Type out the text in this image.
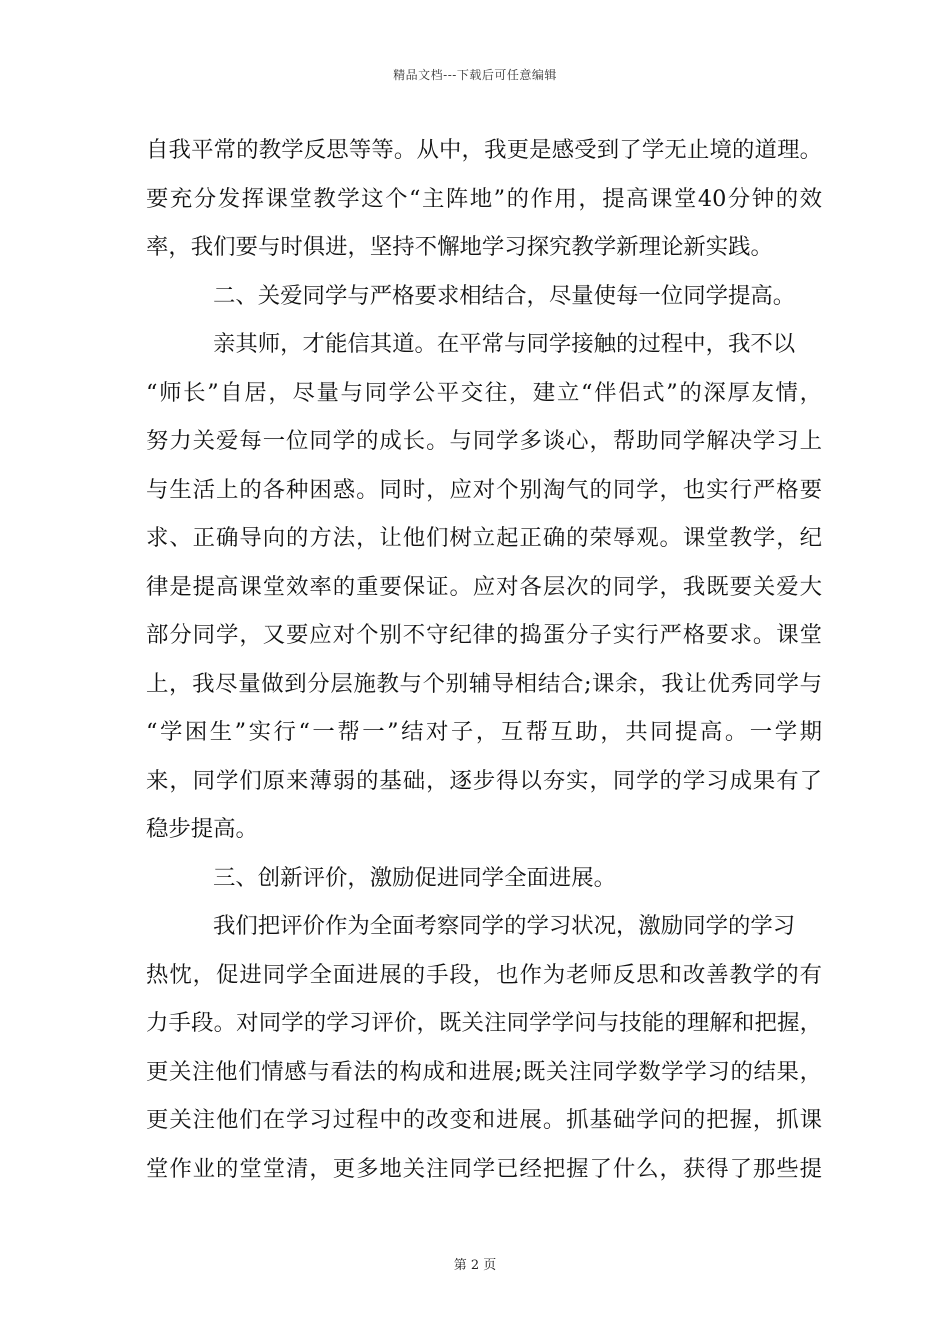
精品文档---下载后可任意编辑
自我平常的教学反思等等。从中，我更是感受到了学无止境的道理。
要充分发挥课堂教学这个“主阵地”的作用，提高课堂40分钟的效
率，我们要与时俱进，坚持不懈地学习探究教学新理论新实践。
二、关爱同学与严格要求相结合，尽量使每一位同学提高。
亲其师，才能信其道。在平常与同学接触的过程中，我不以
“师长”自居，尽量与同学公平交往，建立“伴侣式”的深厚友情，
努力关爱每一位同学的成长。与同学多谈心，帮助同学解决学习上
与生活上的各种困惑。同时，应对个别淘气的同学，也实行严格要
求、正确导向的方法，让他们树立起正确的荣辱观。课堂教学，纪
律是提高课堂效率的重要保证。应对各层次的同学，我既要关爱大
部分同学，又要应对个别不守纪律的捣蛋分子实行严格要求。课堂
上，我尽量做到分层施教与个别辅导相结合;课余，我让优秀同学与
“学困生”实行“一帮一”结对子，互帮互助，共同提高。一学期
来，同学们原来薄弱的基础，逐步得以夯实，同学的学习成果有了
稳步提高。
三、创新评价，激励促进同学全面进展。
我们把评价作为全面考察同学的学习状况，激励同学的学习
热忱，促进同学全面进展的手段，也作为老师反思和改善教学的有
力手段。对同学的学习评价，既关注同学学问与技能的理解和把握，
更关注他们情感与看法的构成和进展;既关注同学数学学习的结果，
更关注他们在学习过程中的改变和进展。抓基础学问的把握，抓课
堂作业的堂堂清，更多地关注同学已经把握了什么，获得了那些提
第 2 页
